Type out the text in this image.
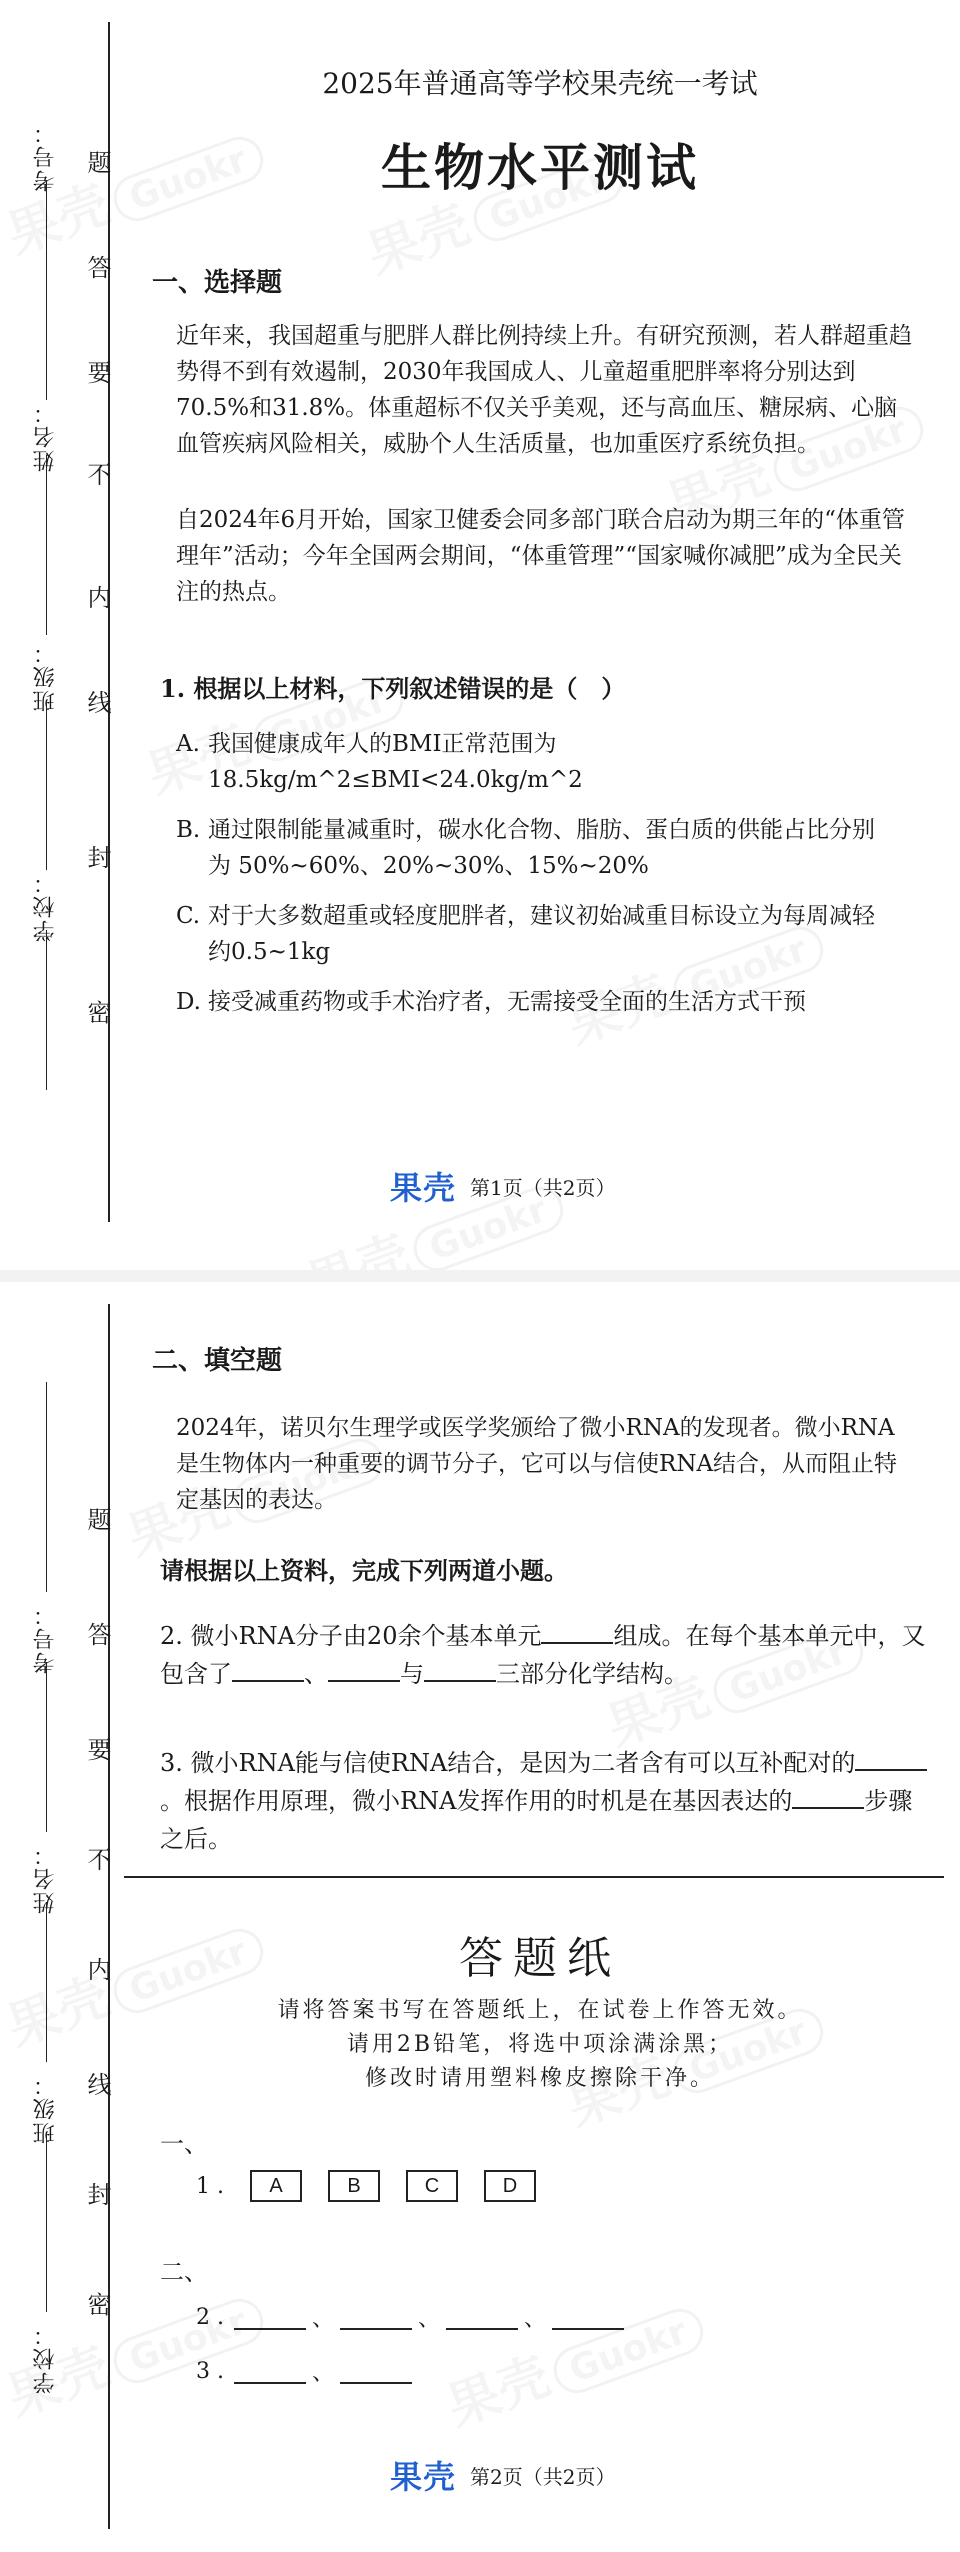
学校：
班级：
姓名：
考号：
密
封
线
内
不
要
答
题
2025年普通高等学校果壳统一考试
生物水平测试
一、选择题
近年来，我国超重与肥胖人群比例持续上升。有研究预测，若人群超重趋势得不到有效遏制，2030年我国成人、儿童超重肥胖率将分别达到70.5%和31.8%。体重超标不仅关乎美观，还与高血压、糖尿病、心脑血管疾病风险相关，威胁个人生活质量，也加重医疗系统负担。
自2024年6月开始，国家卫健委会同多部门联合启动为期三年的“体重管理年”活动；今年全国两会期间，“体重管理”“国家喊你减肥”成为全民关注的热点。
1. 根据以上材料，下列叙述错误的是（　）
A. 我国健康成年人的BMI正常范围为18.5kg/m^2≤BMI<24.0kg/m^2
B. 通过限制能量减重时，碳水化合物、脂肪、蛋白质的供能占比分别为 50%~60%、20%~30%、15%~20%
C. 对于大多数超重或轻度肥胖者，建议初始减重目标设立为每周减轻约0.5~1kg
D. 接受减重药物或手术治疗者，无需接受全面的生活方式干预
果壳 第1页（共2页）
学校：
班级：
姓名：
考号：
密
封
线
内
不
要
答
题
二、填空题
2024年，诺贝尔生理学或医学奖颁给了微小RNA的发现者。微小RNA是生物体内一种重要的调节分子，它可以与信使RNA结合，从而阻止特定基因的表达。
请根据以上资料，完成下列两道小题。
2. 微小RNA分子由20余个基本单元	组成。在每个基本单元中，又包含了	、	与	三部分化学结构。
3. 微小RNA能与信使RNA结合，是因为二者含有可以互补配对的。根据作用原理，微小RNA发挥作用的时机是在基因表达的	步骤之后。
答题纸
请将答案书写在答题纸上，在试卷上作答无效。
请用2B铅笔，将选中项涂满涂黑；
修改时请用塑料橡皮擦除干净。
一、
1 .	A	B	C	D
二、
2 .	、	、	、
3 .	、
果壳 第2页（共2页）
